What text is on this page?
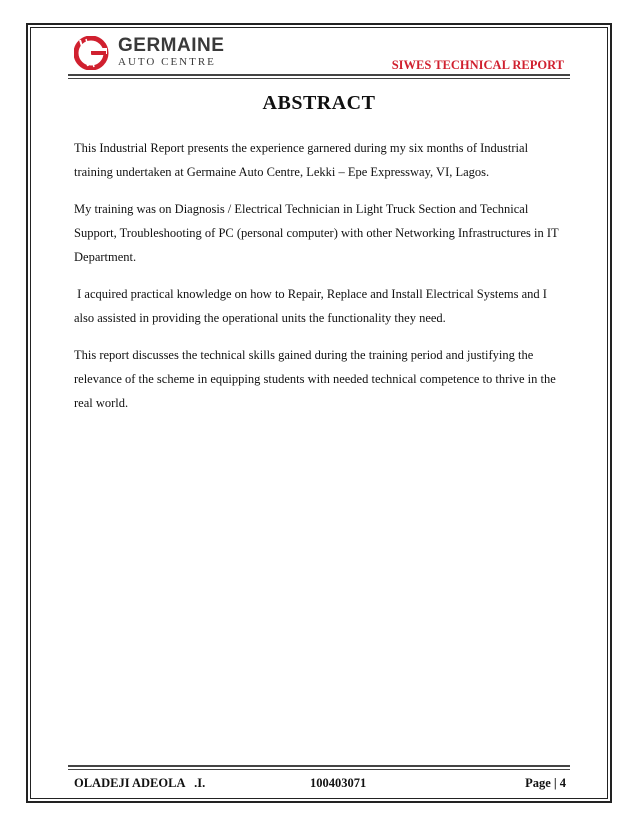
GERMAINE
AUTO CENTRE	SIWES TECHNICAL REPORT
ABSTRACT

This Industrial Report presents the experience garnered during my six months of Industrial training undertaken at Germaine Auto Centre, Lekki – Epe Expressway, VI, Lagos.

My training was on Diagnosis / Electrical Technician in Light Truck Section and Technical Support, Troubleshooting of PC (personal computer) with other Networking Infrastructures in IT Department.

I acquired practical knowledge on how to Repair, Replace and Install Electrical Systems and I also assisted in providing the operational units the functionality they need.

This report discusses the technical skills gained during the training period and justifying the relevance of the scheme in equipping students with needed technical competence to thrive in the real world.

OLADEJI ADEOLA   .I.	100403071	Page | 4
